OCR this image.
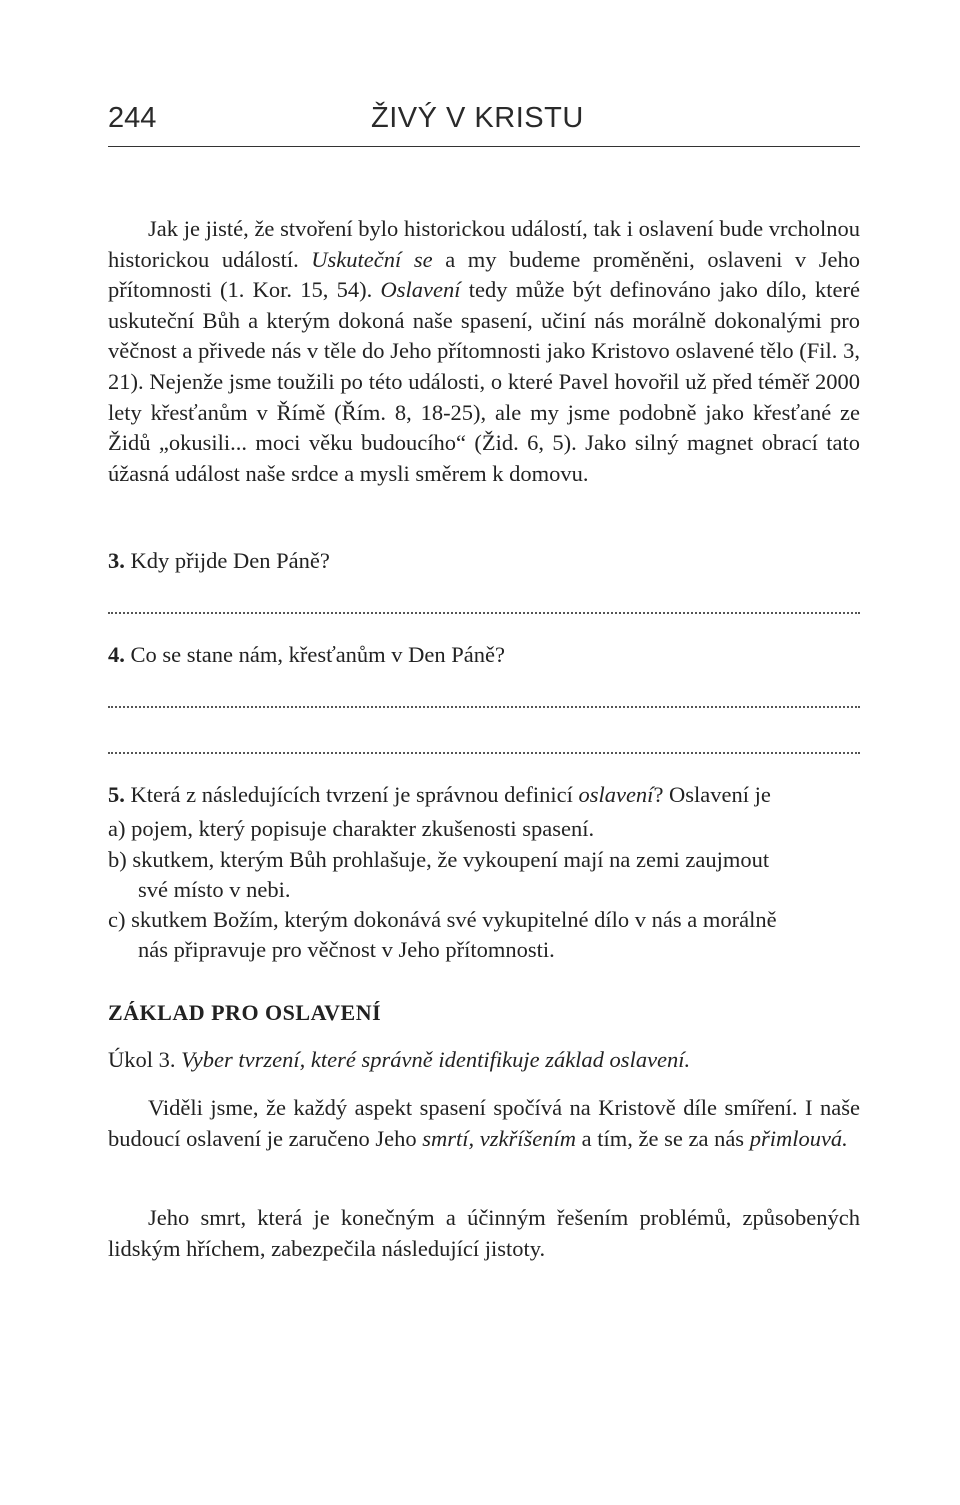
244	ŽIVÝ V KRISTU

Jak je jisté, že stvoření bylo historickou událostí, tak i oslavení bude vrcholnou historickou událostí. Uskuteční se a my budeme proměněni, oslaveni v Jeho přítomnosti (1. Kor. 15, 54). Oslavení tedy může být definováno jako dílo, které uskuteční Bůh a kterým dokoná naše spasení, učiní nás morálně dokonalými pro věčnost a přivede nás v těle do Jeho přítomnosti jako Kristovo oslavené tělo (Fil. 3, 21). Nejenže jsme toužili po této události, o které Pavel hovořil už před téměř 2000 lety křesťanům v Římě (Řím. 8, 18-25), ale my jsme podobně jako křesťané ze Židů „okusili... moci věku budoucího“ (Žid. 6, 5). Jako silný magnet obrací tato úžasná událost naše srdce a mysli směrem k domovu.

3. Kdy přijde Den Páně?

4. Co se stane nám, křesťanům v Den Páně?

5. Která z následujících tvrzení je správnou definicí oslavení? Oslavení je

a) pojem, který popisuje charakter zkušenosti spasení.

b) skutkem, kterým Bůh prohlašuje, že vykoupení mají na zemi zaujmout
své místo v nebi.

c) skutkem Božím, kterým dokonává své vykupitelné dílo v nás a morálně
nás připravuje pro věčnost v Jeho přítomnosti.

ZÁKLAD PRO OSLAVENÍ

Úkol 3. Vyber tvrzení, které správně identifikuje základ oslavení.

Viděli jsme, že každý aspekt spasení spočívá na Kristově díle smíření. I naše budoucí oslavení je zaručeno Jeho smrtí, vzkříšením a tím, že se za nás přimlouvá.

Jeho smrt, která je konečným a účinným řešením problémů, způsobených lidským hříchem, zabezpečila následující jistoty.
